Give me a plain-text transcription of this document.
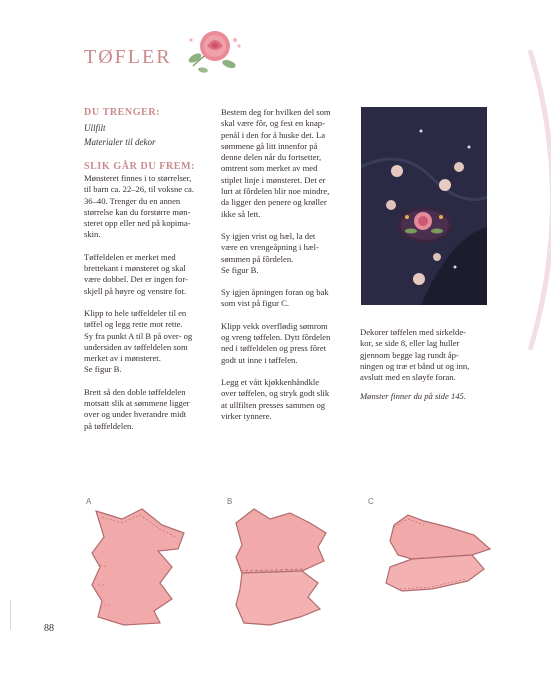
TØFLER
DU TRENGER:
Ullfilt
Materialer til dekor
SLIK GÅR DU FREM:
Mønsteret finnes i to størrelser,
til barn ca. 22–26, til voksne ca.
36–40. Trenger du en annen
størrelse kan du forstørre møn-
steret opp eller ned på kopima-
skin.
Tøffeldelen er merket med
brettekant i mønsteret og skal
være dobbel. Det er ingen for-
skjell på høyre og venstre fot.
Klipp to hele tøffeldeler til en
tøffel og legg rette mot rette.
Sy fra punkt A til B på over- og
undersiden av tøffeldelen som
merket av i mønsteret.
Se figur B.
Brett så den doble tøffeldelen
motsatt slik at sømmene ligger
over og under hverandre midt
på tøffeldelen.
Bestem deg for hvilken del som
skal være fôr, og fest en knap-
penål i den for å huske det. La
sømmene gå litt innenfor på
denne delen når du fortsetter,
omtrent som merket av med
stiplet linje i mønsteret. Det er
lurt at fôrdelen blir noe mindre,
da ligger den penere og krøller
ikke så lett.
Sy igjen vrist og hæl, la det
være en vrengeåpning i hæl-
sømmen på fôrdelen.
Se figur B.
Sy igjen åpningen foran og bak
som vist på figur C.
Klipp vekk overflødig sømrom
og vreng tøffelen. Dytt fôrdelen
ned i tøffeldelen og press fôret
godt ut inne i tøffelen.
Legg et vått kjøkkenhåndkle
over tøffelen, og stryk godt slik
at ullfilten presses sammen og
virker tynnere.
Dekorer tøffelen med sirkelde-
kor, se side 8, eller lag huller
gjennom begge lag rundt åp-
ningen og træ et bånd ut og inn,
avslutt med en sløyfe foran.
Mønster finner du på side 145.
A	B	C
88
